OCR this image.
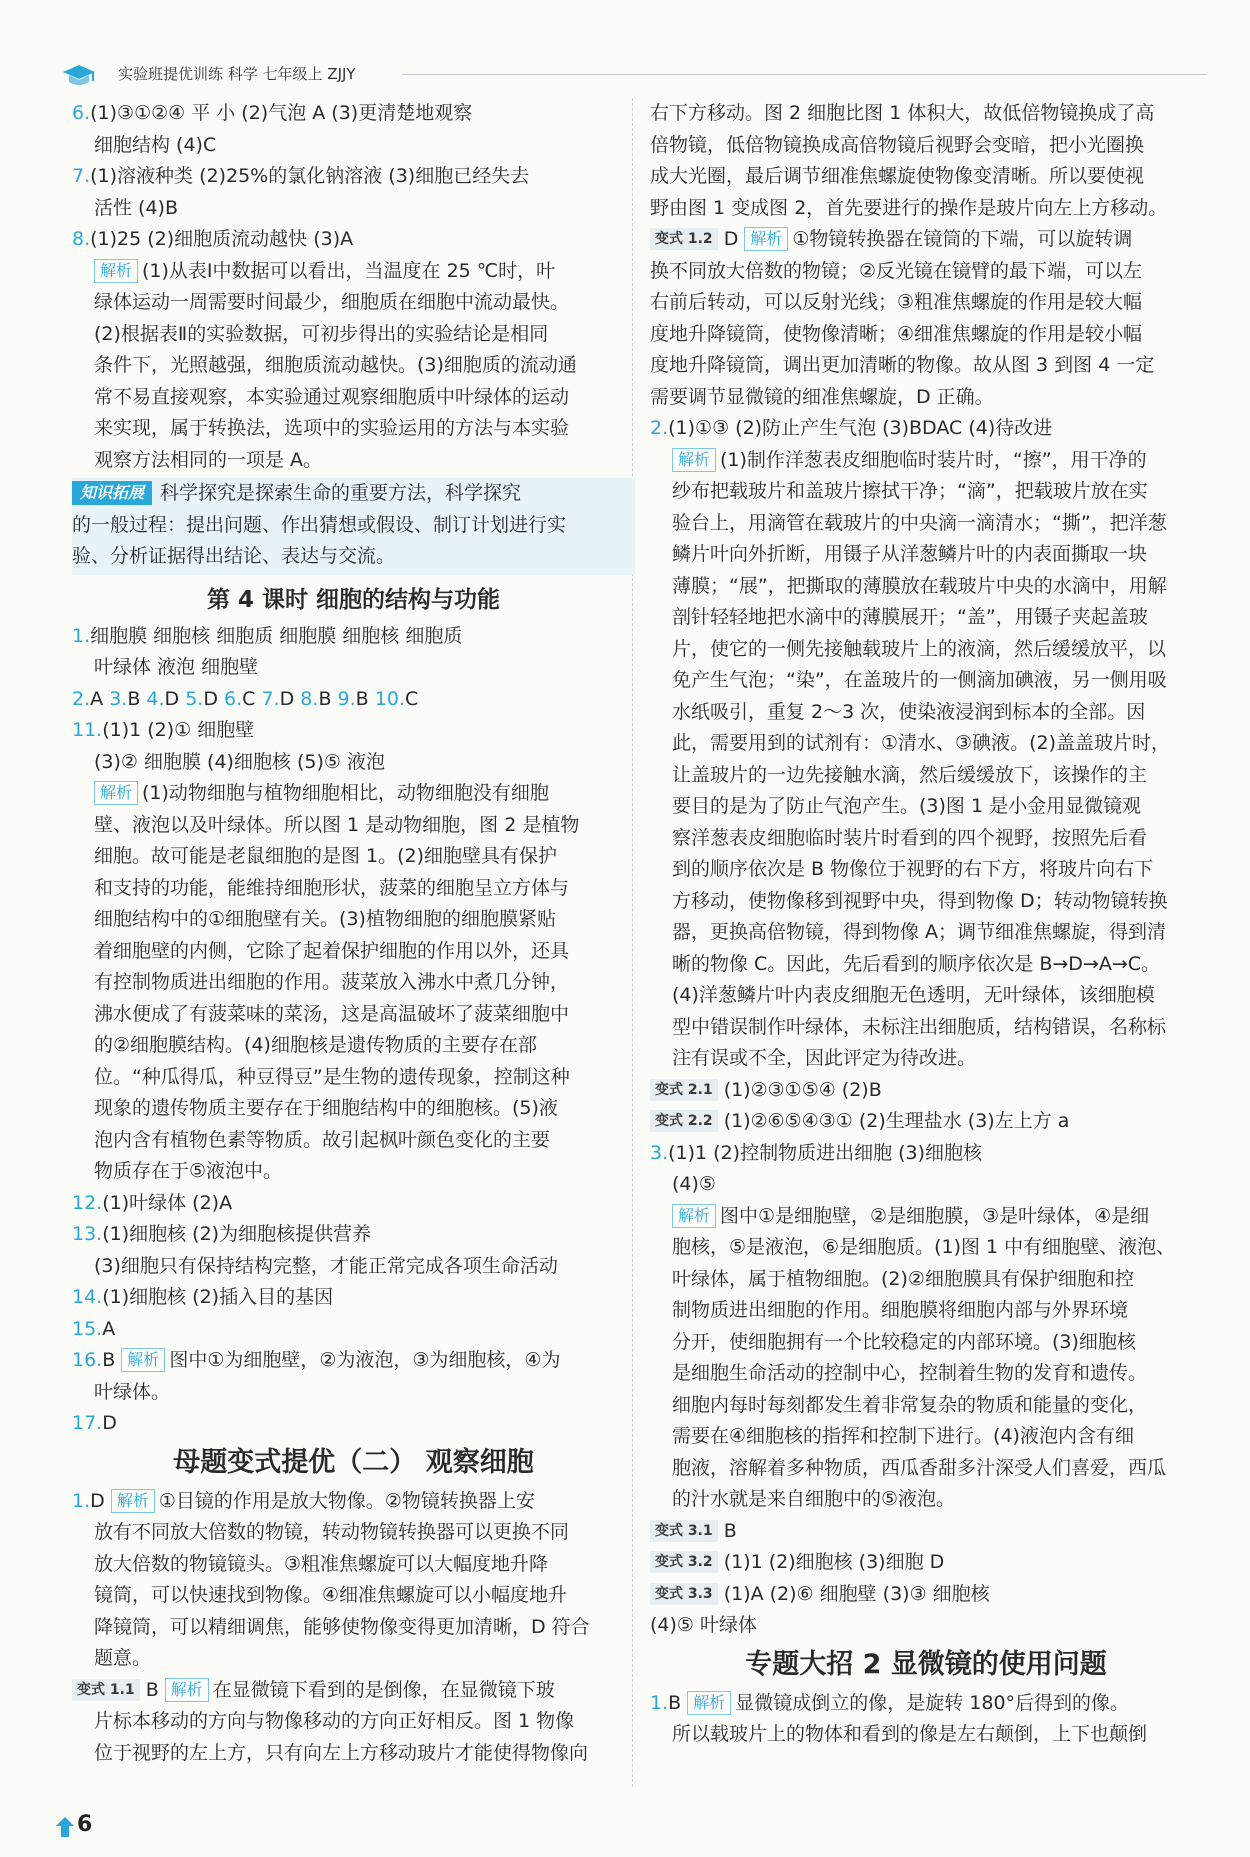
实验班提优训练 科学 七年级上 ZJJY
6.(1)③①②④ 平 小 (2)气泡 A (3)更清楚地观察
细胞结构 (4)C
7.(1)溶液种类 (2)25%的氯化钠溶液 (3)细胞已经失去
活性 (4)B
8.(1)25 (2)细胞质流动越快 (3)A
解析 (1)从表Ⅰ中数据可以看出，当温度在 25 ℃时，叶
绿体运动一周需要时间最少，细胞质在细胞中流动最快。
(2)根据表Ⅱ的实验数据，可初步得出的实验结论是相同
条件下，光照越强，细胞质流动越快。(3)细胞质的流动通
常不易直接观察，本实验通过观察细胞质中叶绿体的运动
来实现，属于转换法，选项中的实验运用的方法与本实验
观察方法相同的一项是 A。
知识拓展 科学探究是探索生命的重要方法，科学探究
的一般过程：提出问题、作出猜想或假设、制订计划进行实
验、分析证据得出结论、表达与交流。
第 4 课时 细胞的结构与功能
1.细胞膜 细胞核 细胞质 细胞膜 细胞核 细胞质
叶绿体 液泡 细胞壁
2.A 3.B 4.D 5.D 6.C 7.D 8.B 9.B 10.C
11.(1)1 (2)① 细胞壁
(3)② 细胞膜 (4)细胞核 (5)⑤ 液泡
解析 (1)动物细胞与植物细胞相比，动物细胞没有细胞
壁、液泡以及叶绿体。所以图 1 是动物细胞，图 2 是植物
细胞。故可能是老鼠细胞的是图 1。(2)细胞壁具有保护
和支持的功能，能维持细胞形状，菠菜的细胞呈立方体与
细胞结构中的①细胞壁有关。(3)植物细胞的细胞膜紧贴
着细胞壁的内侧，它除了起着保护细胞的作用以外，还具
有控制物质进出细胞的作用。菠菜放入沸水中煮几分钟，
沸水便成了有菠菜味的菜汤，这是高温破坏了菠菜细胞中
的②细胞膜结构。(4)细胞核是遗传物质的主要存在部
位。“种瓜得瓜，种豆得豆”是生物的遗传现象，控制这种
现象的遗传物质主要存在于细胞结构中的细胞核。(5)液
泡内含有植物色素等物质。故引起枫叶颜色变化的主要
物质存在于⑤液泡中。
12.(1)叶绿体 (2)A
13.(1)细胞核 (2)为细胞核提供营养
(3)细胞只有保持结构完整，才能正常完成各项生命活动
14.(1)细胞核 (2)插入目的基因
15.A
16.B 解析 图中①为细胞壁，②为液泡，③为细胞核，④为
叶绿体。
17.D
母题变式提优（二） 观察细胞
1.D 解析 ①目镜的作用是放大物像。②物镜转换器上安
放有不同放大倍数的物镜，转动物镜转换器可以更换不同
放大倍数的物镜镜头。③粗准焦螺旋可以大幅度地升降
镜筒，可以快速找到物像。④细准焦螺旋可以小幅度地升
降镜筒，可以精细调焦，能够使物像变得更加清晰，D 符合
题意。
变式 1.1 B 解析 在显微镜下看到的是倒像，在显微镜下玻
片标本移动的方向与物像移动的方向正好相反。图 1 物像
位于视野的左上方，只有向左上方移动玻片才能使得物像向
右下方移动。图 2 细胞比图 1 体积大，故低倍物镜换成了高
倍物镜，低倍物镜换成高倍物镜后视野会变暗，把小光圈换
成大光圈，最后调节细准焦螺旋使物像变清晰。所以要使视
野由图 1 变成图 2，首先要进行的操作是玻片向左上方移动。
变式 1.2 D 解析 ①物镜转换器在镜筒的下端，可以旋转调
换不同放大倍数的物镜；②反光镜在镜臂的最下端，可以左
右前后转动，可以反射光线；③粗准焦螺旋的作用是较大幅
度地升降镜筒，使物像清晰；④细准焦螺旋的作用是较小幅
度地升降镜筒，调出更加清晰的物像。故从图 3 到图 4 一定
需要调节显微镜的细准焦螺旋，D 正确。
2.(1)①③ (2)防止产生气泡 (3)BDAC (4)待改进
解析 (1)制作洋葱表皮细胞临时装片时，“擦”，用干净的
纱布把载玻片和盖玻片擦拭干净；“滴”，把载玻片放在实
验台上，用滴管在载玻片的中央滴一滴清水；“撕”，把洋葱
鳞片叶向外折断，用镊子从洋葱鳞片叶的内表面撕取一块
薄膜；“展”，把撕取的薄膜放在载玻片中央的水滴中，用解
剖针轻轻地把水滴中的薄膜展开；“盖”，用镊子夹起盖玻
片，使它的一侧先接触载玻片上的液滴，然后缓缓放平，以
免产生气泡；“染”，在盖玻片的一侧滴加碘液，另一侧用吸
水纸吸引，重复 2～3 次，使染液浸润到标本的全部。因
此，需要用到的试剂有：①清水、③碘液。(2)盖盖玻片时，
让盖玻片的一边先接触水滴，然后缓缓放下，该操作的主
要目的是为了防止气泡产生。(3)图 1 是小金用显微镜观
察洋葱表皮细胞临时装片时看到的四个视野，按照先后看
到的顺序依次是 B 物像位于视野的右下方，将玻片向右下
方移动，使物像移到视野中央，得到物像 D；转动物镜转换
器，更换高倍物镜，得到物像 A；调节细准焦螺旋，得到清
晰的物像 C。因此，先后看到的顺序依次是 B→D→A→C。
(4)洋葱鳞片叶内表皮细胞无色透明，无叶绿体，该细胞模
型中错误制作叶绿体，未标注出细胞质，结构错误，名称标
注有误或不全，因此评定为待改进。
变式 2.1 (1)②③①⑤④ (2)B
变式 2.2 (1)②⑥⑤④③① (2)生理盐水 (3)左上方 a
3.(1)1 (2)控制物质进出细胞 (3)细胞核
(4)⑤
解析 图中①是细胞壁，②是细胞膜，③是叶绿体，④是细
胞核，⑤是液泡，⑥是细胞质。(1)图 1 中有细胞壁、液泡、
叶绿体，属于植物细胞。(2)②细胞膜具有保护细胞和控
制物质进出细胞的作用。细胞膜将细胞内部与外界环境
分开，使细胞拥有一个比较稳定的内部环境。(3)细胞核
是细胞生命活动的控制中心，控制着生物的发育和遗传。
细胞内每时每刻都发生着非常复杂的物质和能量的变化，
需要在④细胞核的指挥和控制下进行。(4)液泡内含有细
胞液，溶解着多种物质，西瓜香甜多汁深受人们喜爱，西瓜
的汁水就是来自细胞中的⑤液泡。
变式 3.1 B
变式 3.2 (1)1 (2)细胞核 (3)细胞 D
变式 3.3 (1)A (2)⑥ 细胞壁 (3)③ 细胞核
(4)⑤ 叶绿体
专题大招 2 显微镜的使用问题
1.B 解析 显微镜成倒立的像，是旋转 180°后得到的像。
所以载玻片上的物体和看到的像是左右颠倒，上下也颠倒
6
